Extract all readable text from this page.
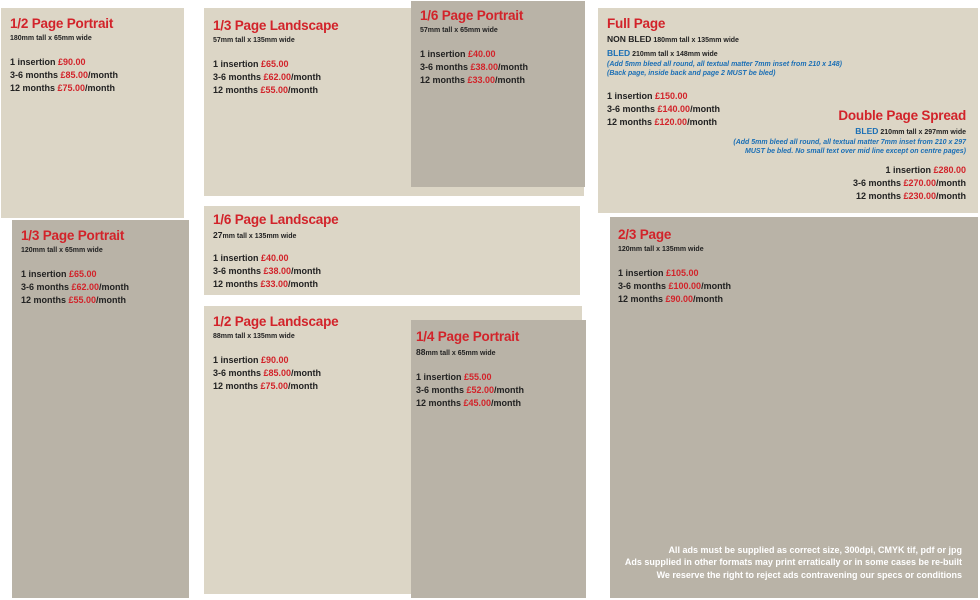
1/2 Page Portrait
180mm tall x 65mm wide
1 insertion £90.00
3-6 months £85.00/month
12 months £75.00/month
1/3 Page Portrait
120mm tall x 65mm wide
1 insertion £65.00
3-6 months £62.00/month
12 months £55.00/month
1/3 Page Landscape
57mm tall x 135mm wide
1 insertion £65.00
3-6 months £62.00/month
12 months £55.00/month
1/6 Page Portrait
57mm tall x 65mm wide
1 insertion £40.00
3-6 months £38.00/month
12 months £33.00/month
1/6 Page Landscape
27mm tall x 135mm wide
1 insertion £40.00
3-6 months £38.00/month
12 months £33.00/month
1/2 Page Landscape
88mm tall x 135mm wide
1 insertion £90.00
3-6 months £85.00/month
12 months £75.00/month
1/4 Page Portrait
88mm tall x 65mm wide
1 insertion £55.00
3-6 months £52.00/month
12 months £45.00/month
Full Page
NON BLED 180mm tall x 135mm wide
BLED 210mm tall x 148mm wide
(Add 5mm bleed all round, all textual matter 7mm inset from 210 x 148)
(Back page, inside back and page 2 MUST be bled)
1 insertion £150.00
3-6 months £140.00/month
12 months £120.00/month	Double Page Spread
BLED 210mm tall x 297mm wide
(Add 5mm bleed all round, all textual matter 7mm inset from 210 x 297
MUST be bled. No small text over mid line except on centre pages)
1 insertion £280.00
3-6 months £270.00/month
12 months £230.00/month
2/3 Page
120mm tall x 135mm wide
1 insertion £105.00
3-6 months £100.00/month
12 months £90.00/month
All ads must be supplied as correct size, 300dpi, CMYK tif, pdf or jpg
Ads supplied in other formats may print erratically or in some cases be re-built
We reserve the right to reject ads contravening our specs or conditions
